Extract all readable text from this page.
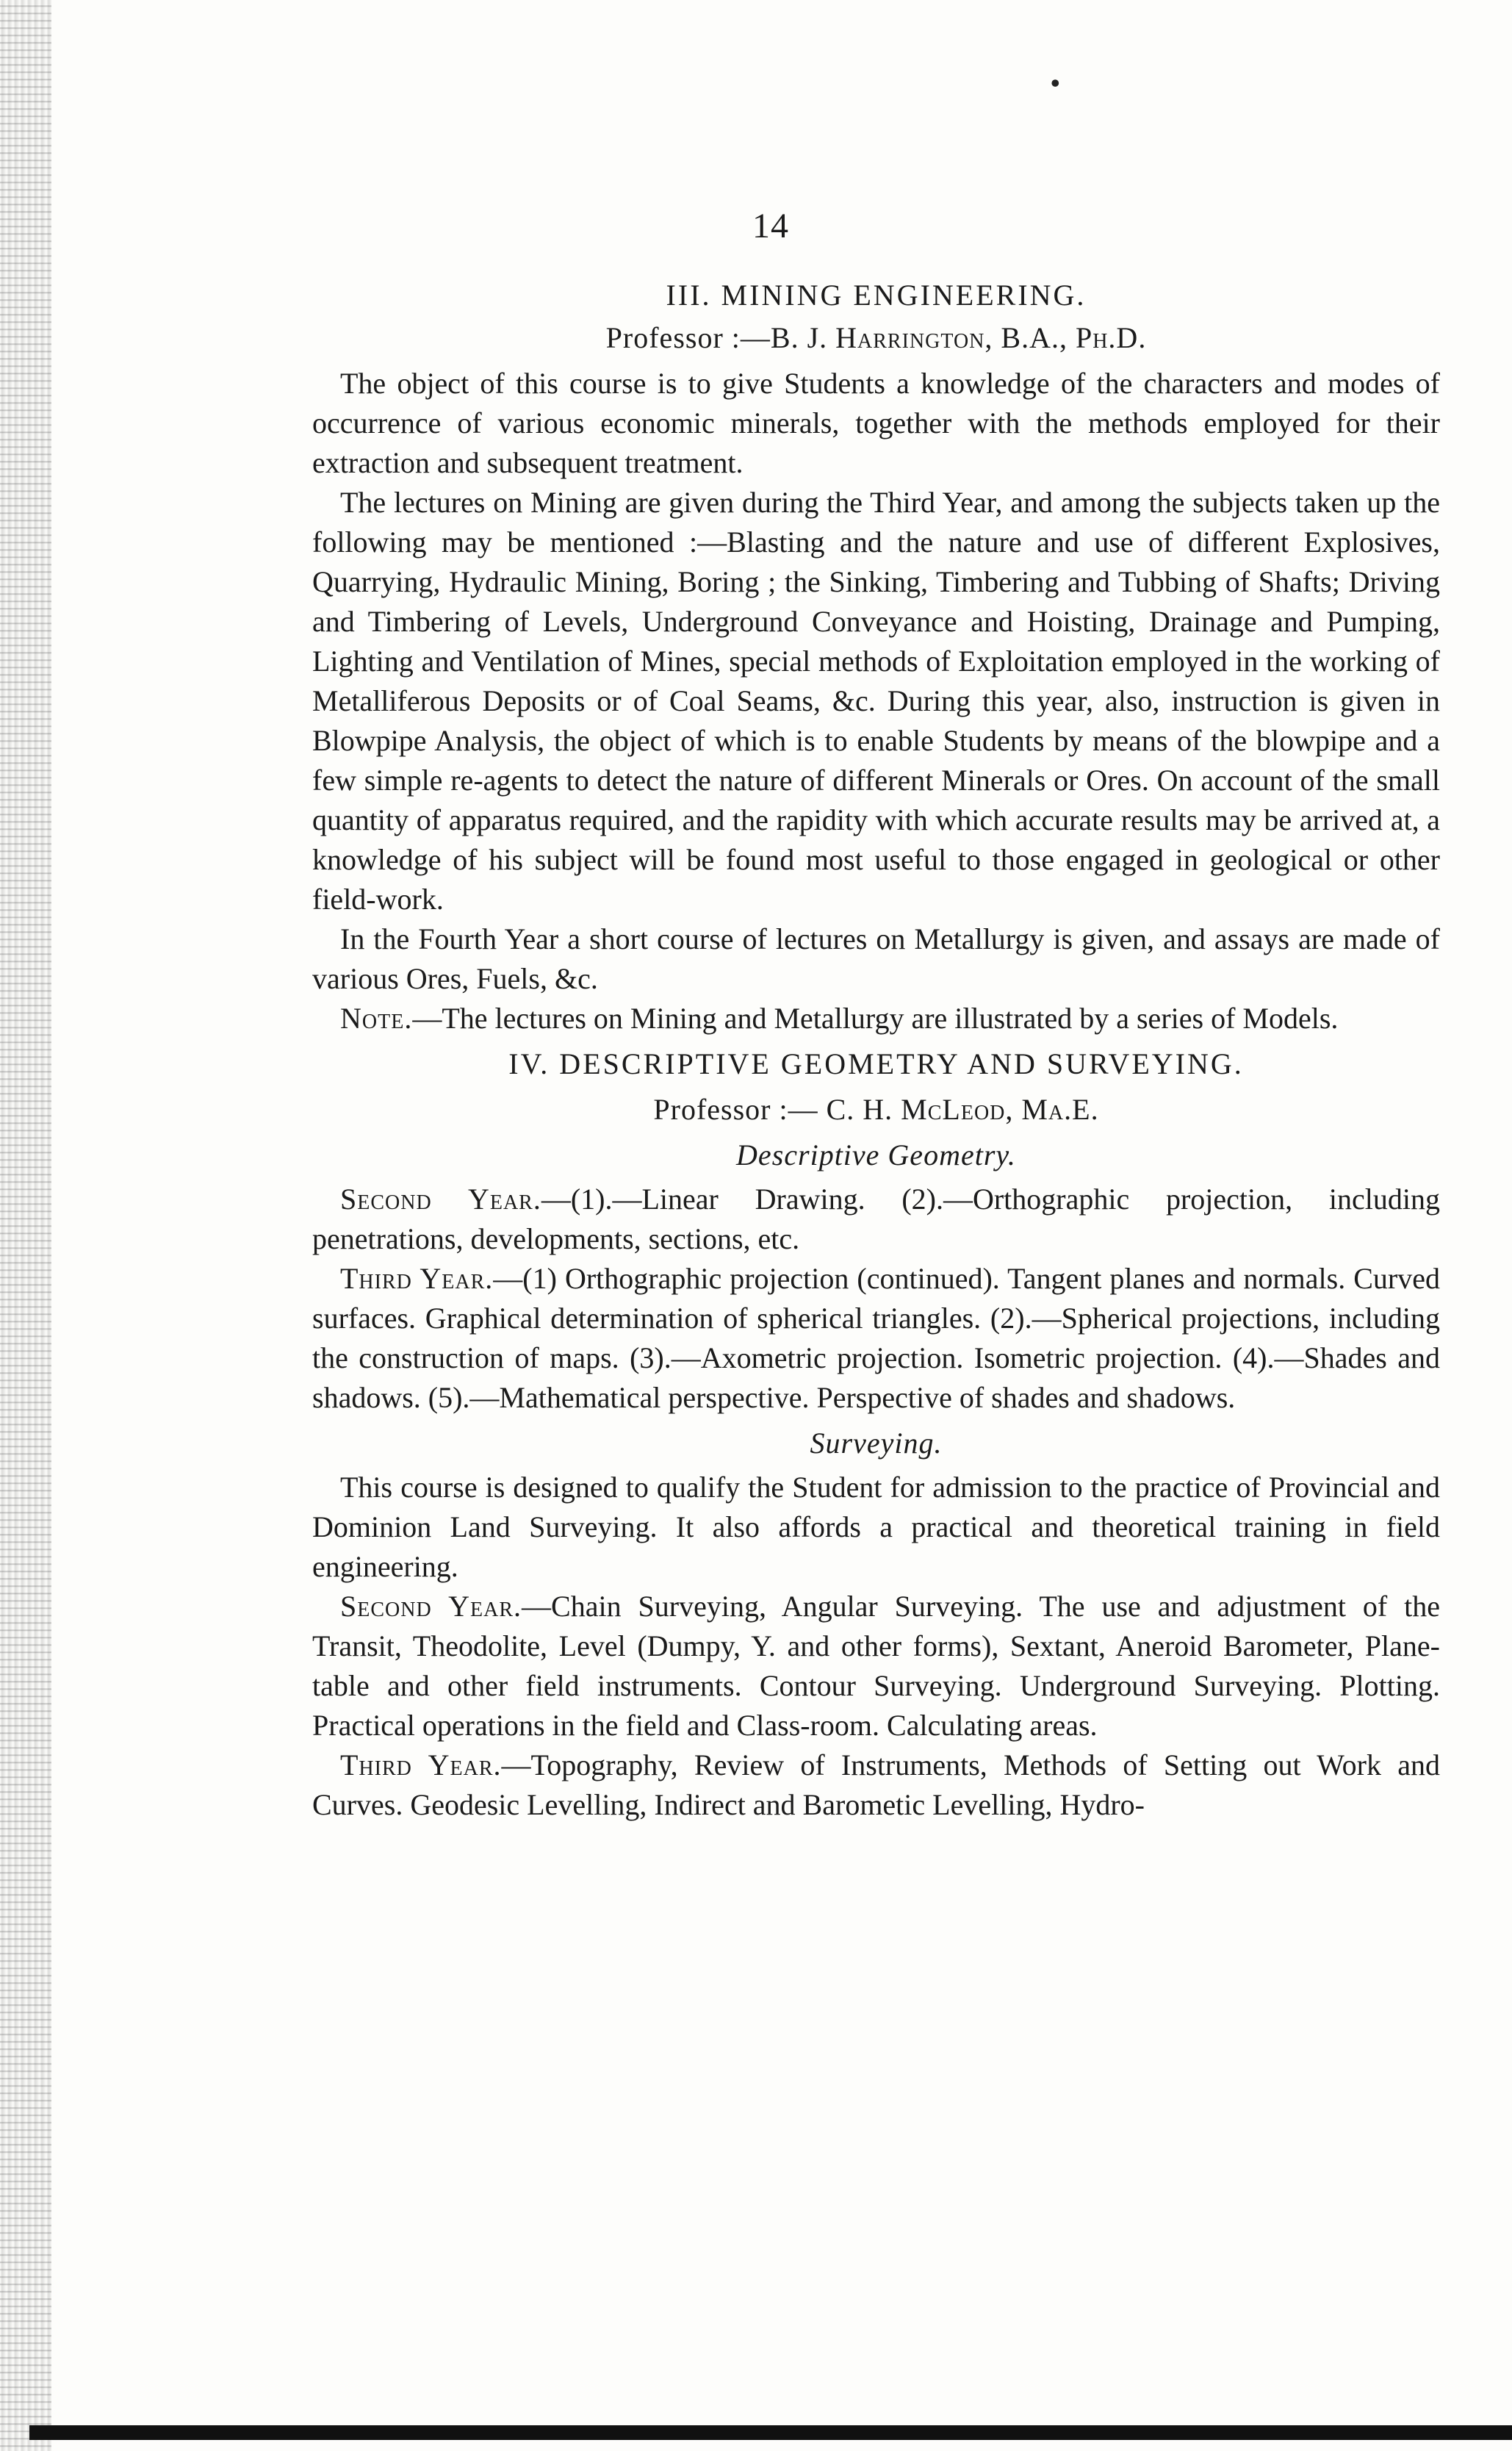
•
14
III. MINING ENGINEERING.
Professor :—B. J. Harrington, B.A., Ph.D.

The object of this course is to give Students a knowledge of the characters and modes of occurrence of various economic minerals, together with the methods employed for their extraction and subsequent treatment.

The lectures on Mining are given during the Third Year, and among the subjects taken up the following may be mentioned :—Blasting and the nature and use of different Explosives, Quarrying, Hydraulic Mining, Boring ; the Sinking, Timbering and Tubbing of Shafts; Driving and Timbering of Levels, Underground Conveyance and Hoisting, Drainage and Pumping, Lighting and Ventilation of Mines, special methods of Exploitation employed in the working of Metalliferous Deposits or of Coal Seams, &c. During this year, also, instruction is given in Blowpipe Analysis, the object of which is to enable Students by means of the blowpipe and a few simple re-agents to detect the nature of different Minerals or Ores. On account of the small quantity of apparatus required, and the rapidity with which accurate results may be arrived at, a knowledge of his subject will be found most useful to those engaged in geological or other field-work.

In the Fourth Year a short course of lectures on Metallurgy is given, and assays are made of various Ores, Fuels, &c.

Note.—The lectures on Mining and Metallurgy are illustrated by a series of Models.

IV. DESCRIPTIVE GEOMETRY AND SURVEYING.
Professor :— C. H. McLeod, Ma.E.
Descriptive Geometry.

Second Year.—(1).—Linear Drawing. (2).—Orthographic projection, including penetrations, developments, sections, etc.

Third Year.—(1) Orthographic projection (continued). Tangent planes and normals. Curved surfaces. Graphical determination of spherical triangles. (2).—Spherical projections, including the construction of maps. (3).—Axometric projection. Isometric projection. (4).—Shades and shadows. (5).—Mathematical perspective. Perspective of shades and shadows.

Surveying.

This course is designed to qualify the Student for admission to the practice of Provincial and Dominion Land Surveying. It also affords a practical and theoretical training in field engineering.

Second Year.—Chain Surveying, Angular Surveying. The use and adjustment of the Transit, Theodolite, Level (Dumpy, Y. and other forms), Sextant, Aneroid Barometer, Plane-table and other field instruments. Contour Surveying. Underground Surveying. Plotting. Practical operations in the field and Class-room. Calculating areas.

Third Year.—Topography, Review of Instruments, Methods of Setting out Work and Curves. Geodesic Levelling, Indirect and Barometic Levelling, Hydro-
